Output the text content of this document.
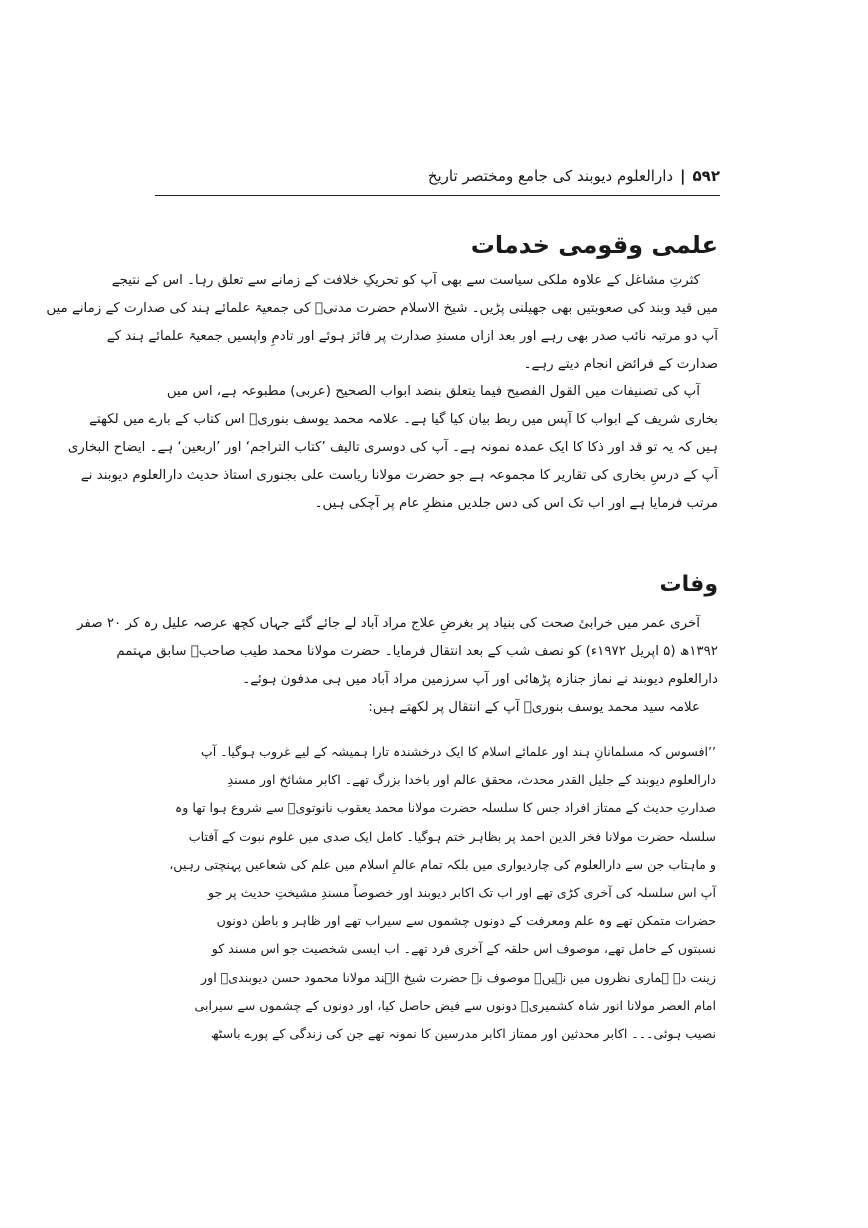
دارالعلوم دیوبند کی جامع ومختصر تاریخ | ۵۹۲
علمی وقومی خدمات
کثرتِ مشاغل کے علاوہ ملکی سیاست سے بھی آپ کو تحریکِ خلافت کے زمانے سے تعلق رہا۔ اس کے نتیجے
میں قید وبند کی صعوبتیں بھی جھیلنی پڑیں۔ شیخ الاسلام حضرت مدنیؒ کی جمعیۃ علمائے ہند کی صدارت کے زمانے میں
آپ دو مرتبہ نائب صدر بھی رہے اور بعد ازاں مسندِ صدارت پر فائز ہوئے اور تادمِ واپسیں جمعیۃ علمائے ہند کے
صدارت کے فرائض انجام دیتے رہے۔
آپ کی تصنیفات میں القول الفصیح فیما یتعلق بنضد ابواب الصحیح (عربی) مطبوعہ ہے، اس میں
بخاری شریف کے ابواب کا آپس میں ربط بیان کیا گیا ہے۔ علامہ محمد یوسف بنوریؒ اس کتاب کے بارے میں لکھتے
ہیں کہ یہ تو قد اور ذکا کا ایک عمدہ نمونہ ہے۔ آپ کی دوسری تالیف ’کتاب التراجم‘ اور ’اربعین‘ ہے۔ ایضاح البخاری
آپ کے درسِ بخاری کی تقاریر کا مجموعہ ہے جو حضرت مولانا ریاست علی بجنوری استاذ حدیث دارالعلوم دیوبند نے
مرتب فرمایا ہے اور اب تک اس کی دس جلدیں منظرِ عام پر آچکی ہیں۔
وفات
آخری عمر میں خرابیٔ صحت کی بنیاد پر بغرضِ علاج مراد آباد لے جائے گئے جہاں کچھ عرصہ علیل رہ کر ۲۰ صفر
۱۳۹۲ھ (۵ اپریل ۱۹۷۲ء) کو نصف شب کے بعد انتقال فرمایا۔ حضرت مولانا محمد طیب صاحبؒ سابق مہتمم
دارالعلوم دیوبند نے نماز جنازہ پڑھائی اور آپ سرزمین مراد آباد میں ہی مدفون ہوئے۔
علامہ سید محمد یوسف بنوریؒ آپ کے انتقال پر لکھتے ہیں:
’’افسوس کہ مسلمانانِ ہند اور علمائے اسلام کا ایک درخشندہ تارا ہمیشہ کے لیے غروب ہوگیا۔ آپ
دارالعلوم دیوبند کے جلیل القدر محدث، محقق عالم اور باخدا بزرگ تھے۔ اکابر مشائخ اور مسندِ
صدارتِ حدیث کے ممتاز افراد جس کا سلسلہ حضرت مولانا محمد یعقوب نانوتویؒ سے شروع ہوا تھا وہ
سلسلہ حضرت مولانا فخر الدین احمد پر بظاہر ختم ہوگیا۔ کامل ایک صدی میں علوم نبوت کے آفتاب
و ماہتاب جن سے دارالعلوم کی چاردیواری میں بلکہ تمام عالمِ اسلام میں علم کی شعاعیں پہنچتی رہیں،
آپ اس سلسلہ کی آخری کڑی تھے اور اب تک اکابر دیوبند اور خصوصاً مسندِ مشیختِ حدیث پر جو
حضرات متمکن تھے وہ علم ومعرفت کے دونوں چشموں سے سیراب تھے اور ظاہر و باطن دونوں
نسبتوں کے حامل تھے، موصوف اس حلقہ کے آخری فرد تھے۔ اب ایسی شخصیت جو اس مسند کو
زینت دے ہماری نظروں میں نہیں۔ موصوف نے حضرت شیخ الہند مولانا محمود حسن دیوبندیؒ اور
امام العصر مولانا انور شاہ کشمیریؒ دونوں سے فیض حاصل کیا، اور دونوں کے چشموں سے سیرابی
نصیب ہوئی۔۔۔ اکابر محدثین اور ممتاز اکابر مدرسین کا نمونہ تھے جن کی زندگی کے پورے باسٹھ
